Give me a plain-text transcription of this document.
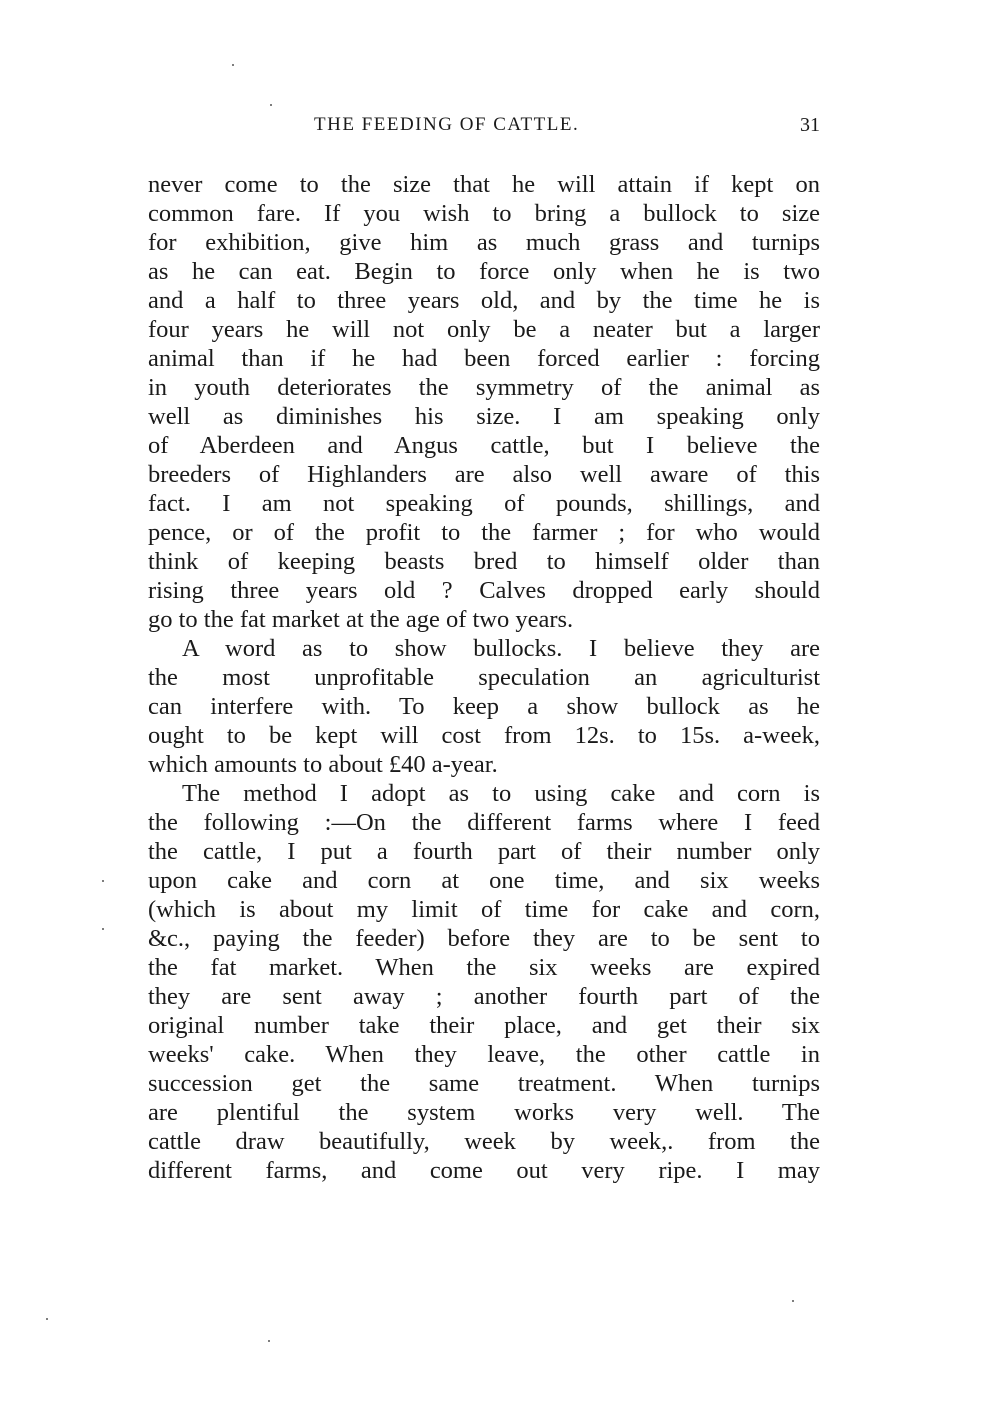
THE FEEDING OF CATTLE.	31
never come to the size that he will attain if kept on
common fare. If you wish to bring a bullock to size
for exhibition, give him as much grass and turnips
as he can eat. Begin to force only when he is two
and a half to three years old, and by the time he is
four years he will not only be a neater but a larger
animal than if he had been forced earlier : forcing
in youth deteriorates the symmetry of the animal as
well as diminishes his size. I am speaking only
of Aberdeen and Angus cattle, but I believe the
breeders of Highlanders are also well aware of this
fact. I am not speaking of pounds, shillings, and
pence, or of the profit to the farmer ; for who would
think of keeping beasts bred to himself older than
rising three years old ? Calves dropped early should
go to the fat market at the age of two years.
A word as to show bullocks. I believe they are
the most unprofitable speculation an agriculturist
can interfere with. To keep a show bullock as he
ought to be kept will cost from 12s. to 15s. a-week,
which amounts to about £40 a-year.
The method I adopt as to using cake and corn is
the following :—On the different farms where I feed
the cattle, I put a fourth part of their number only
upon cake and corn at one time, and six weeks
(which is about my limit of time for cake and corn,
&c., paying the feeder) before they are to be sent to
the fat market. When the six weeks are expired
they are sent away ; another fourth part of the
original number take their place, and get their six
weeks' cake. When they leave, the other cattle in
succession get the same treatment. When turnips
are plentiful the system works very well. The
cattle draw beautifully, week by week,. from the
different farms, and come out very ripe. I may
